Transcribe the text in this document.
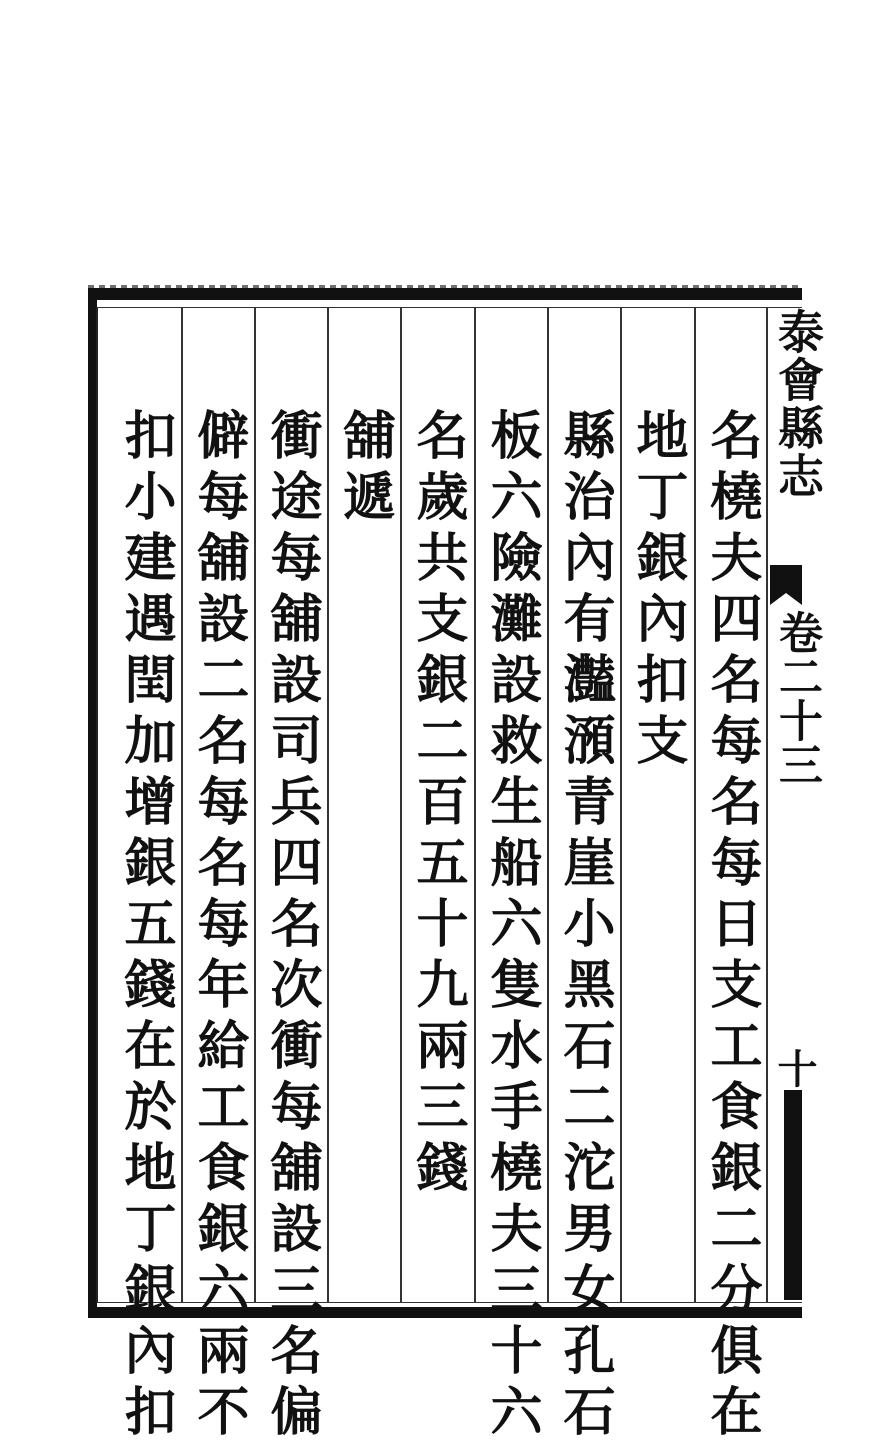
泰會縣志
卷二十三
十
名橈夫四名每名每日支工食銀二分俱在
地丁銀內扣支
縣治內有灎澦青崖小黑石二沱男女孔石
板六險灘設救生船六隻水手橈夫三十六
名歲共支銀二百五十九兩三錢
舖遞
衝途每舖設司兵四名次衝每舖設三名偏
僻每舖設二名每名每年給工食銀六兩不
扣小建遇閏加增銀五錢在於地丁銀內扣
